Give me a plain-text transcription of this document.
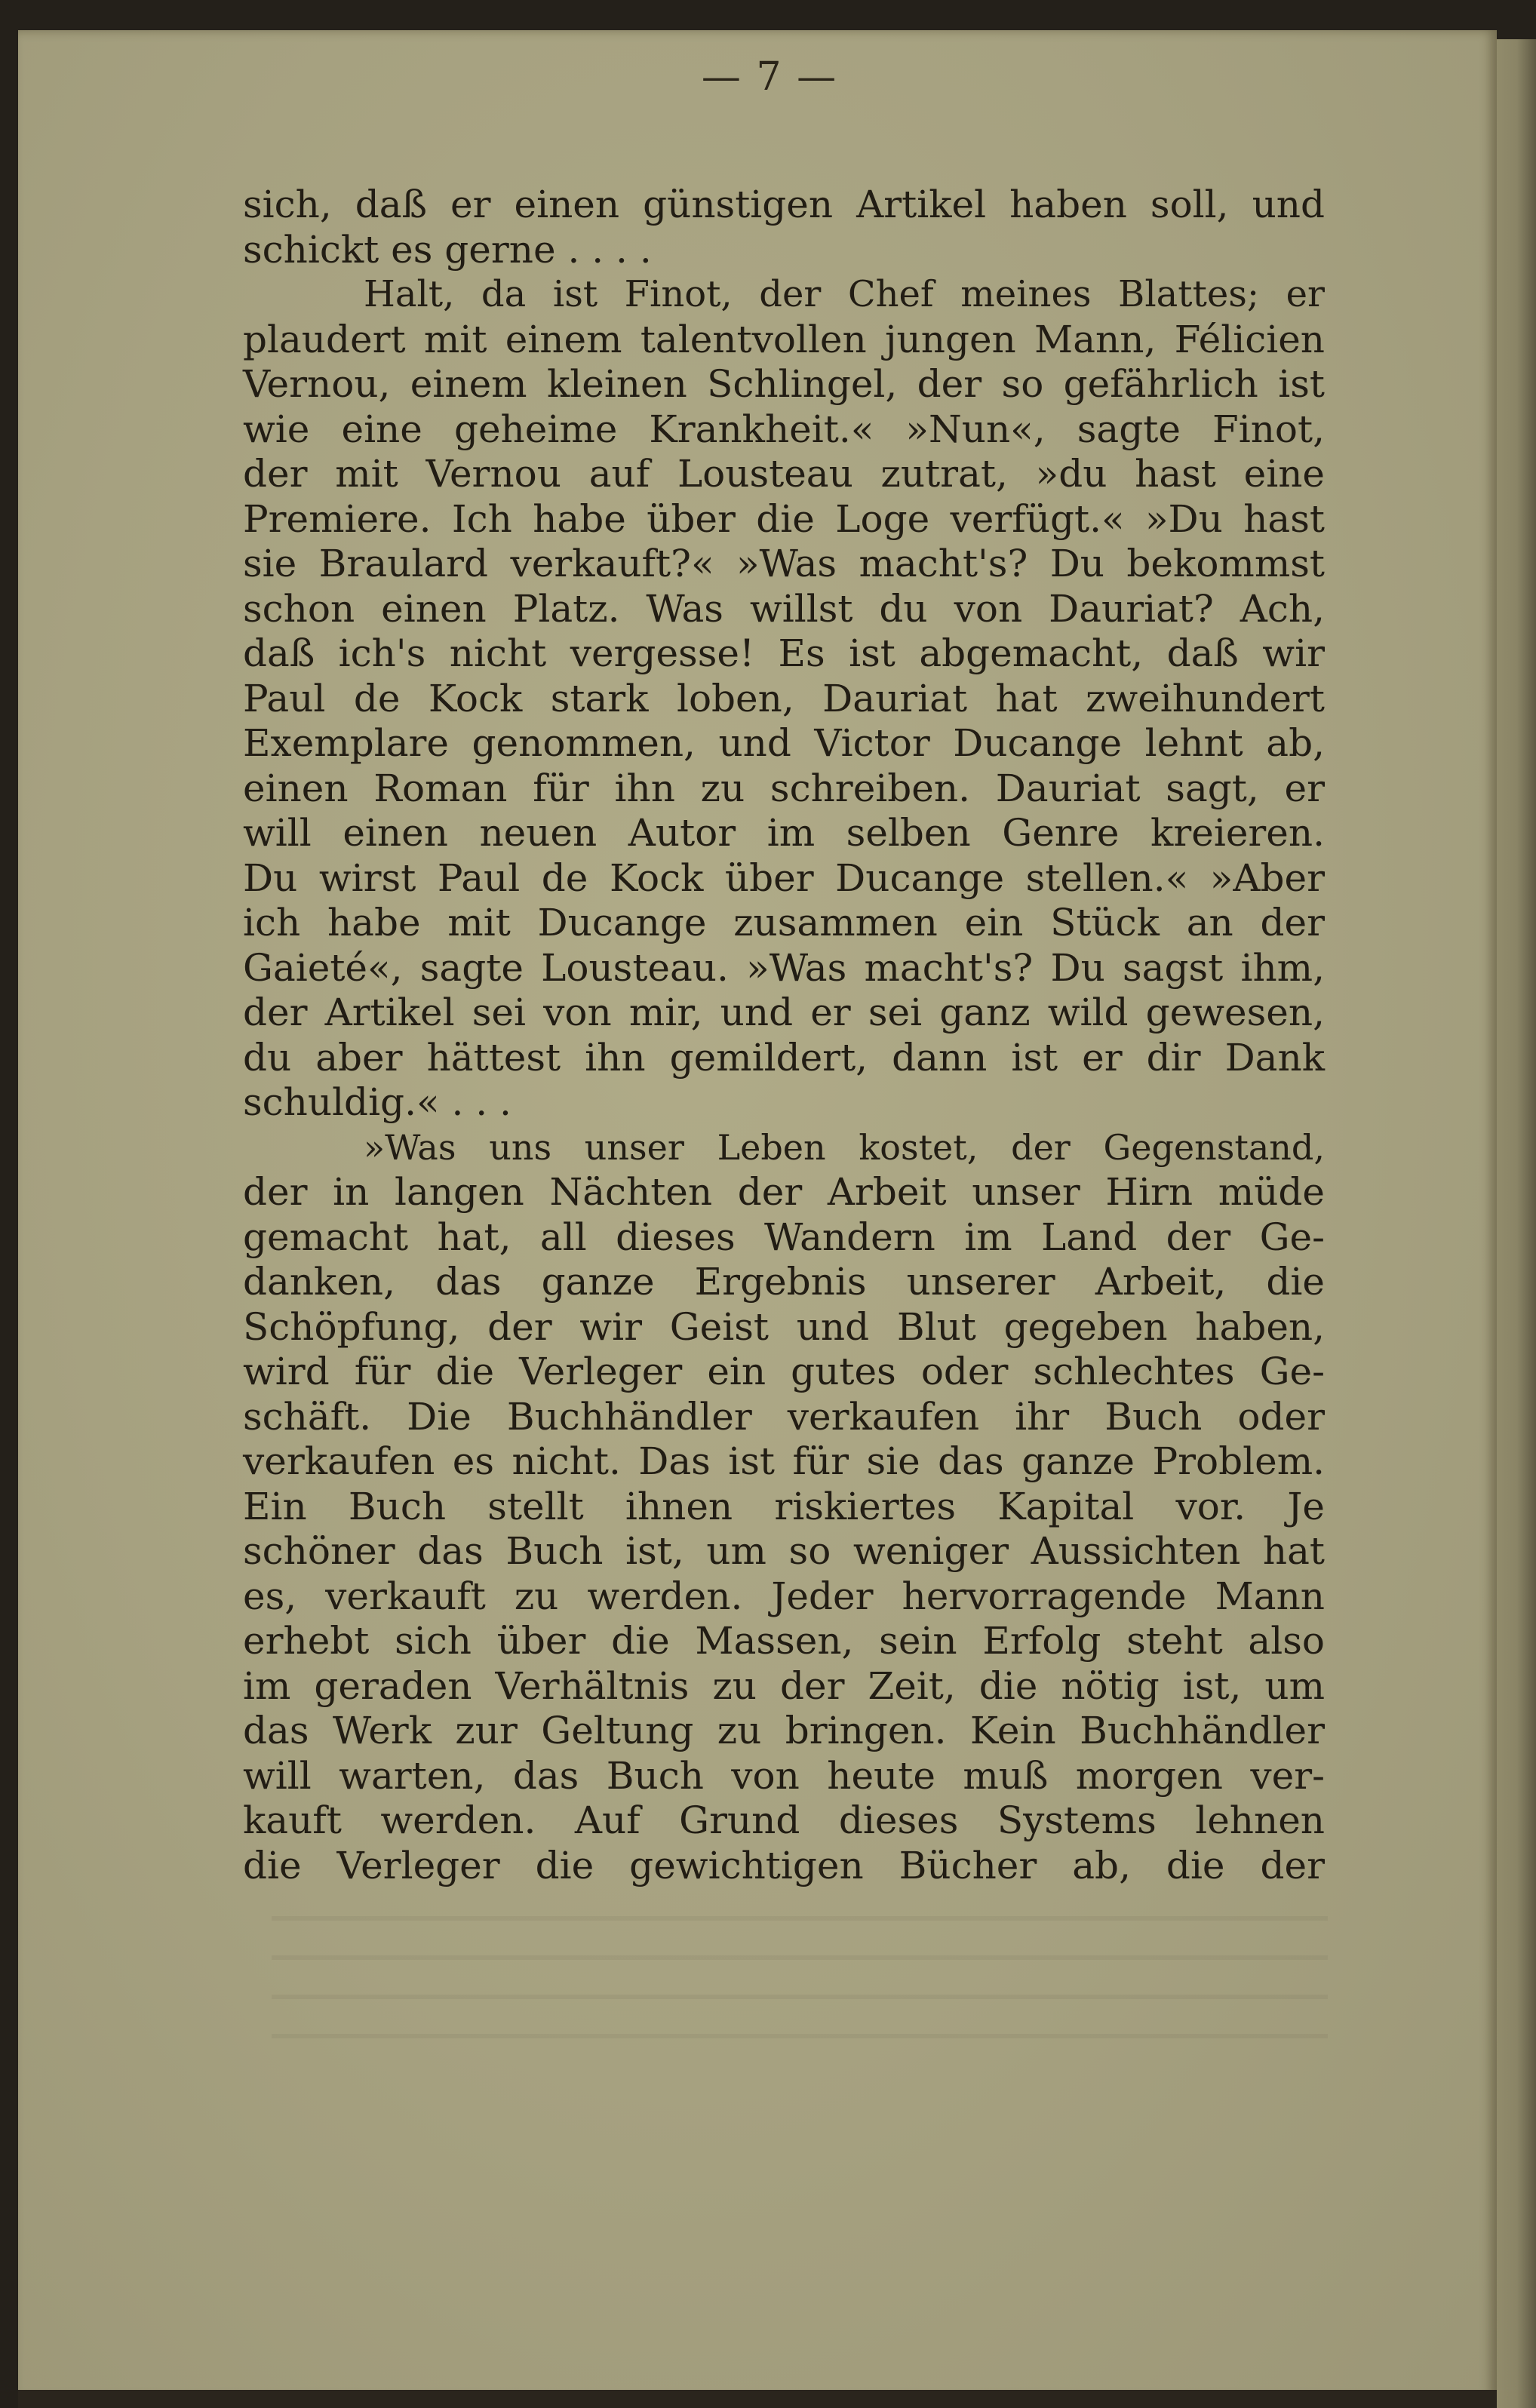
— 7 —
sich, daß er einen günstigen Artikel haben soll, und
schickt es gerne . . . .
Halt, da ist Finot, der Chef meines Blattes; er
plaudert mit einem talentvollen jungen Mann, Félicien
Vernou, einem kleinen Schlingel, der so gefährlich ist
wie eine geheime Krankheit.« »Nun«, sagte Finot,
der mit Vernou auf Lousteau zutrat, »du hast eine
Premiere. Ich habe über die Loge verfügt.« »Du hast
sie Braulard verkauft?« »Was macht's? Du bekommst
schon einen Platz. Was willst du von Dauriat? Ach,
daß ich's nicht vergesse! Es ist abgemacht, daß wir
Paul de Kock stark loben, Dauriat hat zweihundert
Exemplare genommen, und Victor Ducange lehnt ab,
einen Roman für ihn zu schreiben. Dauriat sagt, er
will einen neuen Autor im selben Genre kreieren.
Du wirst Paul de Kock über Ducange stellen.« »Aber
ich habe mit Ducange zusammen ein Stück an der
Gaieté«, sagte Lousteau. »Was macht's? Du sagst ihm,
der Artikel sei von mir, und er sei ganz wild gewesen,
du aber hättest ihn gemildert, dann ist er dir Dank
schuldig.« . . .
»Was uns unser Leben kostet, der Gegenstand,
der in langen Nächten der Arbeit unser Hirn müde
gemacht hat, all dieses Wandern im Land der Ge-
danken, das ganze Ergebnis unserer Arbeit, die
Schöpfung, der wir Geist und Blut gegeben haben,
wird für die Verleger ein gutes oder schlechtes Ge-
schäft. Die Buchhändler verkaufen ihr Buch oder
verkaufen es nicht. Das ist für sie das ganze Problem.
Ein Buch stellt ihnen riskiertes Kapital vor. Je
schöner das Buch ist, um so weniger Aussichten hat
es, verkauft zu werden. Jeder hervorragende Mann
erhebt sich über die Massen, sein Erfolg steht also
im geraden Verhältnis zu der Zeit, die nötig ist, um
das Werk zur Geltung zu bringen. Kein Buchhändler
will warten, das Buch von heute muß morgen ver-
kauft werden. Auf Grund dieses Systems lehnen
die Verleger die gewichtigen Bücher ab, die der
